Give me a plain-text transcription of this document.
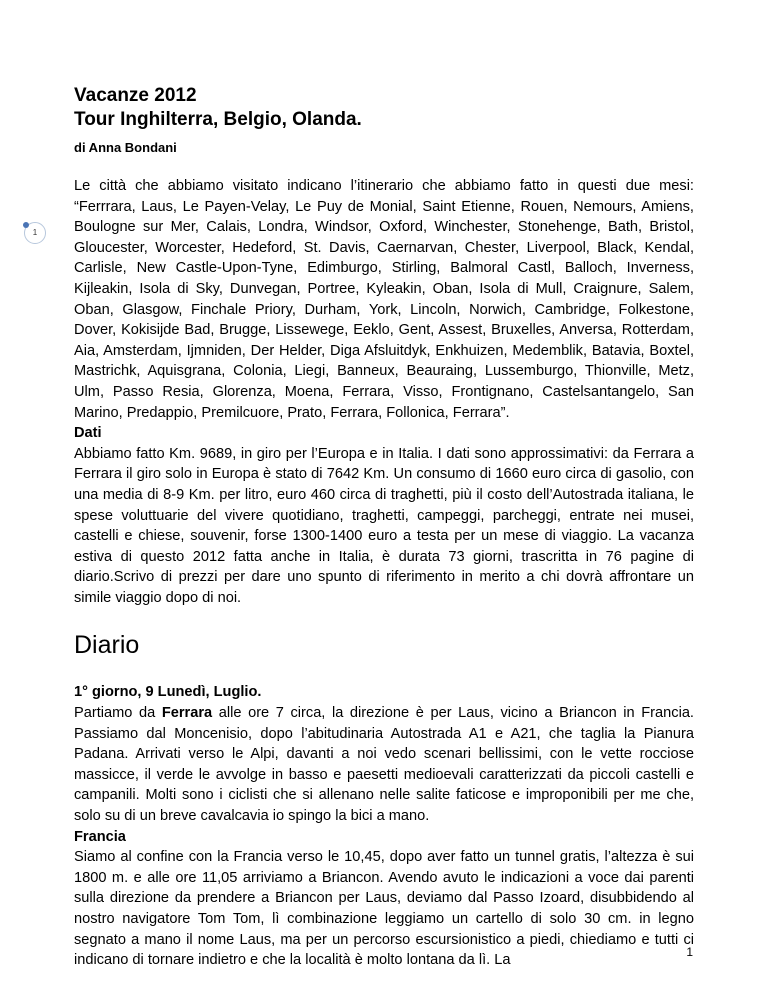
1
Vacanze 2012
Tour Inghilterra, Belgio, Olanda.
di Anna Bondani

Le città che abbiamo visitato indicano l’itinerario che abbiamo fatto in questi due mesi: “Ferrrara, Laus, Le Payen-Velay, Le Puy de Monial, Saint Etienne, Rouen, Nemours, Amiens, Boulogne sur Mer, Calais, Londra, Windsor, Oxford, Winchester, Stonehenge, Bath, Bristol, Gloucester, Worcester, Hedeford, St. Davis, Caernarvan, Chester, Liverpool, Black, Kendal, Carlisle, New Castle-Upon-Tyne, Edimburgo, Stirling, Balmoral Castl, Balloch, Inverness, Kijleakin, Isola di Sky, Dunvegan, Portree, Kyleakin, Oban, Isola di Mull, Craignure, Salem, Oban, Glasgow, Finchale Priory, Durham, York, Lincoln, Norwich, Cambridge, Folkestone, Dover, Kokisijde Bad, Brugge, Lissewege, Eeklo, Gent, Assest, Bruxelles, Anversa, Rotterdam, Aia, Amsterdam, Ijmniden, Der Helder, Diga Afsluitdyk, Enkhuizen, Medemblik, Batavia, Boxtel, Mastrichk, Aquisgrana, Colonia, Liegi, Banneux, Beauraing, Lussemburgo, Thionville, Metz, Ulm, Passo Resia, Glorenza, Moena, Ferrara, Visso, Frontignano, Castelsantangelo, San Marino, Predappio, Premilcuore, Prato, Ferrara, Follonica, Ferrara”.

Dati

Abbiamo fatto Km. 9689, in giro per l’Europa e in Italia. I dati sono approssimativi: da Ferrara a Ferrara il giro solo in Europa è stato di 7642 Km. Un consumo di 1660 euro circa di gasolio, con una media di 8-9 Km. per litro, euro 460 circa di traghetti, più il costo dell’Autostrada italiana, le spese voluttuarie del vivere quotidiano, traghetti, campeggi, parcheggi, entrate nei musei, castelli e chiese, souvenir, forse 1300-1400 euro a testa per un mese di viaggio. La vacanza estiva di questo 2012 fatta anche in Italia, è durata 73 giorni, trascritta in 76 pagine di diario.Scrivo di prezzi per dare uno spunto di riferimento in merito a chi dovrà affrontare un simile viaggio dopo di noi.

Diario
1° giorno, 9 Lunedì, Luglio.

Partiamo da Ferrara alle ore 7 circa, la direzione è per Laus, vicino a Briancon in Francia. Passiamo dal Moncenisio, dopo l’abitudinaria Autostrada A1 e A21, che taglia la Pianura Padana. Arrivati verso le Alpi, davanti a noi vedo scenari bellissimi, con le vette rocciose massicce, il verde le avvolge in basso e paesetti medioevali caratterizzati da piccoli castelli e campanili. Molti sono i ciclisti che si allenano nelle salite faticose e improponibili per me che, solo su di un breve cavalcavia io spingo la bici a mano.

Francia

Siamo al confine con la Francia verso le 10,45, dopo aver fatto un tunnel gratis, l’altezza è sui 1800 m. e alle ore 11,05 arriviamo a Briancon. Avendo avuto le indicazioni a voce dai parenti sulla direzione da prendere a Briancon per Laus, deviamo dal Passo Izoard, disubbidendo al nostro navigatore Tom Tom, lì combinazione leggiamo un cartello di solo 30 cm. in legno segnato a mano il nome Laus, ma per un percorso escursionistico a piedi, chiediamo e tutti ci indicano di tornare indietro e che la località è molto lontana da lì. La

1
